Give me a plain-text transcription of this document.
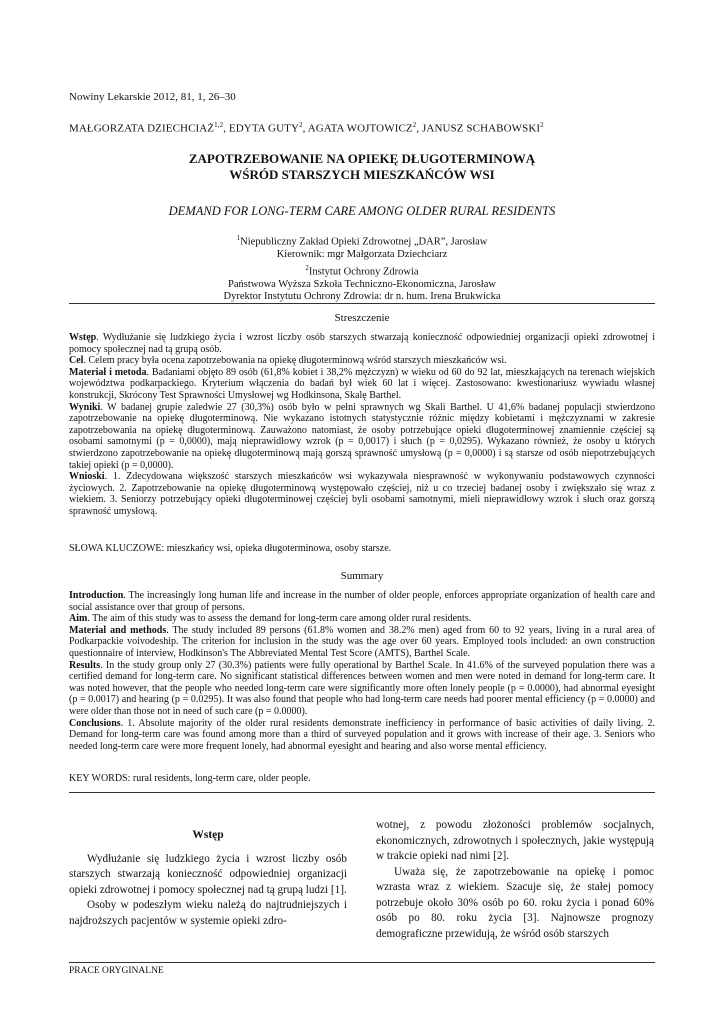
Nowiny Lekarskie 2012, 81, 1, 26–30
MAŁGORZATA DZIECHCIAŻ$^{1,2}$, EDYTA GUTY$^2$, AGATA WOJTOWICZ$^2$, JANUSZ SCHABOWSKI$^2$
ZAPOTRZEBOWANIE NA OPIEKĘ DŁUGOTERMINOWĄ
WŚRÓD STARSZYCH MIESZKAŃCÓW WSI
DEMAND FOR LONG-TERM CARE AMONG OLDER RURAL RESIDENTS
$^1$Niepubliczny Zakład Opieki Zdrowotnej „DAR”, Jarosław
Kierownik: mgr Małgorzata Dziechciarz
$^2$Instytut Ochrony Zdrowia
Państwowa Wyższa Szkoła Techniczno-Ekonomiczna, Jarosław
Dyrektor Instytutu Ochrony Zdrowia: dr n. hum. Irena Brukwicka
Streszczenie

Wstęp. Wydłużanie się ludzkiego życia i wzrost liczby osób starszych stwarzają konieczność odpowiedniej organizacji opieki zdrowotnej i pomocy społecznej nad tą grupą osób.

Cel. Celem pracy była ocena zapotrzebowania na opiekę długoterminową wśród starszych mieszkańców wsi.

Materiał i metoda. Badaniami objęto 89 osób (61,8% kobiet i 38,2% mężczyzn) w wieku od 60 do 92 lat, mieszkających na terenach wiejskich województwa podkarpackiego. Kryterium włączenia do badań był wiek 60 lat i więcej. Zastosowano: kwestionariusz wywiadu własnej konstrukcji, Skrócony Test Sprawności Umysłowej wg Hodkinsona, Skalę Barthel.

Wyniki. W badanej grupie zaledwie 27 (30,3%) osób było w pełni sprawnych wg Skali Barthel. U 41,6% badanej populacji stwierdzono zapotrzebowanie na opiekę długoterminową. Nie wykazano istotnych statystycznie różnic między kobietami i mężczyznami w zakresie zapotrzebowania na opiekę długoterminową. Zauważono natomiast, że osoby potrzebujące opieki długoterminowej znamiennie częściej są osobami samotnymi (p = 0,0000), mają nieprawidłowy wzrok (p = 0,0017) i słuch (p = 0,0295). Wykazano również, że osoby u których stwierdzono zapotrzebowanie na opiekę długoterminową mają gorszą sprawność umysłową (p = 0,0000) i są starsze od osób niepotrzebujących takiej opieki (p = 0,0000).

Wnioski. 1. Zdecydowana większość starszych mieszkańców wsi wykazywała niesprawność w wykonywaniu podstawowych czynności życiowych. 2. Zapotrzebowanie na opiekę długoterminową występowało częściej, niż u co trzeciej badanej osoby i zwiększało się wraz z wiekiem. 3. Seniorzy potrzebujący opieki długoterminowej częściej byli osobami samotnymi, mieli nieprawidłowy wzrok i słuch oraz gorszą sprawność umysłową.

SŁOWA KLUCZOWE: mieszkańcy wsi, opieka długoterminowa, osoby starsze.
Summary

Introduction. The increasingly long human life and increase in the number of older people, enforces appropriate organization of health care and social assistance over that group of persons.

Aim. The aim of this study was to assess the demand for long-term care among older rural residents.

Material and methods. The study included 89 persons (61.8% women and 38.2% men) aged from 60 to 92 years, living in a rural area of Podkarpackie voivodeship. The criterion for inclusion in the study was the age over 60 years. Employed tools included: an own construction questionnaire of interview, Hodkinson's The Abbreviated Mental Test Score (AMTS), Barthel Scale.

Results. In the study group only 27 (30.3%) patients were fully operational by Barthel Scale. In 41.6% of the surveyed population there was a certified demand for long-term care. No significant statistical differences between women and men were noted in demand for long-term care. It was noted however, that the people who needed long-term care were significantly more often lonely people (p = 0.0000), had abnormal eyesight (p = 0.0017) and hearing (p = 0.0295). It was also found that people who had long-term care needs had poorer mental efficiency (p = 0.0000) and were older than those not in need of such care (p = 0.0000).

Conclusions. 1. Absolute majority of the older rural residents demonstrate inefficiency in performance of basic activities of daily living. 2. Demand for long-term care was found among more than a third of surveyed population and it grows with increase of their age. 3. Seniors who needed long-term care were more frequent lonely, had abnormal eyesight and hearing and also worse mental efficiency.

KEY WORDS: rural residents, long-term care, older people.
Wstęp

Wydłużanie się ludzkiego życia i wzrost liczby osób starszych stwarzają konieczność odpowiedniej organizacji opieki zdrowotnej i pomocy społecznej nad tą grupą ludzi [1].

Osoby w podeszłym wieku należą do najtrudniejszych i najdroższych pacjentów w systemie opieki zdro-

wotnej, z powodu złożoności problemów socjalnych, ekonomicznych, zdrowotnych i społecznych, jakie występują w trakcie opieki nad nimi [2].

Uważa się, że zapotrzebowanie na opiekę i pomoc wzrasta wraz z wiekiem. Szacuje się, że stałej pomocy potrzebuje około 30% osób po 60. roku życia i ponad 60% osób po 80. roku życia [3]. Najnowsze prognozy demograficzne przewidują, że wśród osób starszych

PRACE ORYGINALNE
